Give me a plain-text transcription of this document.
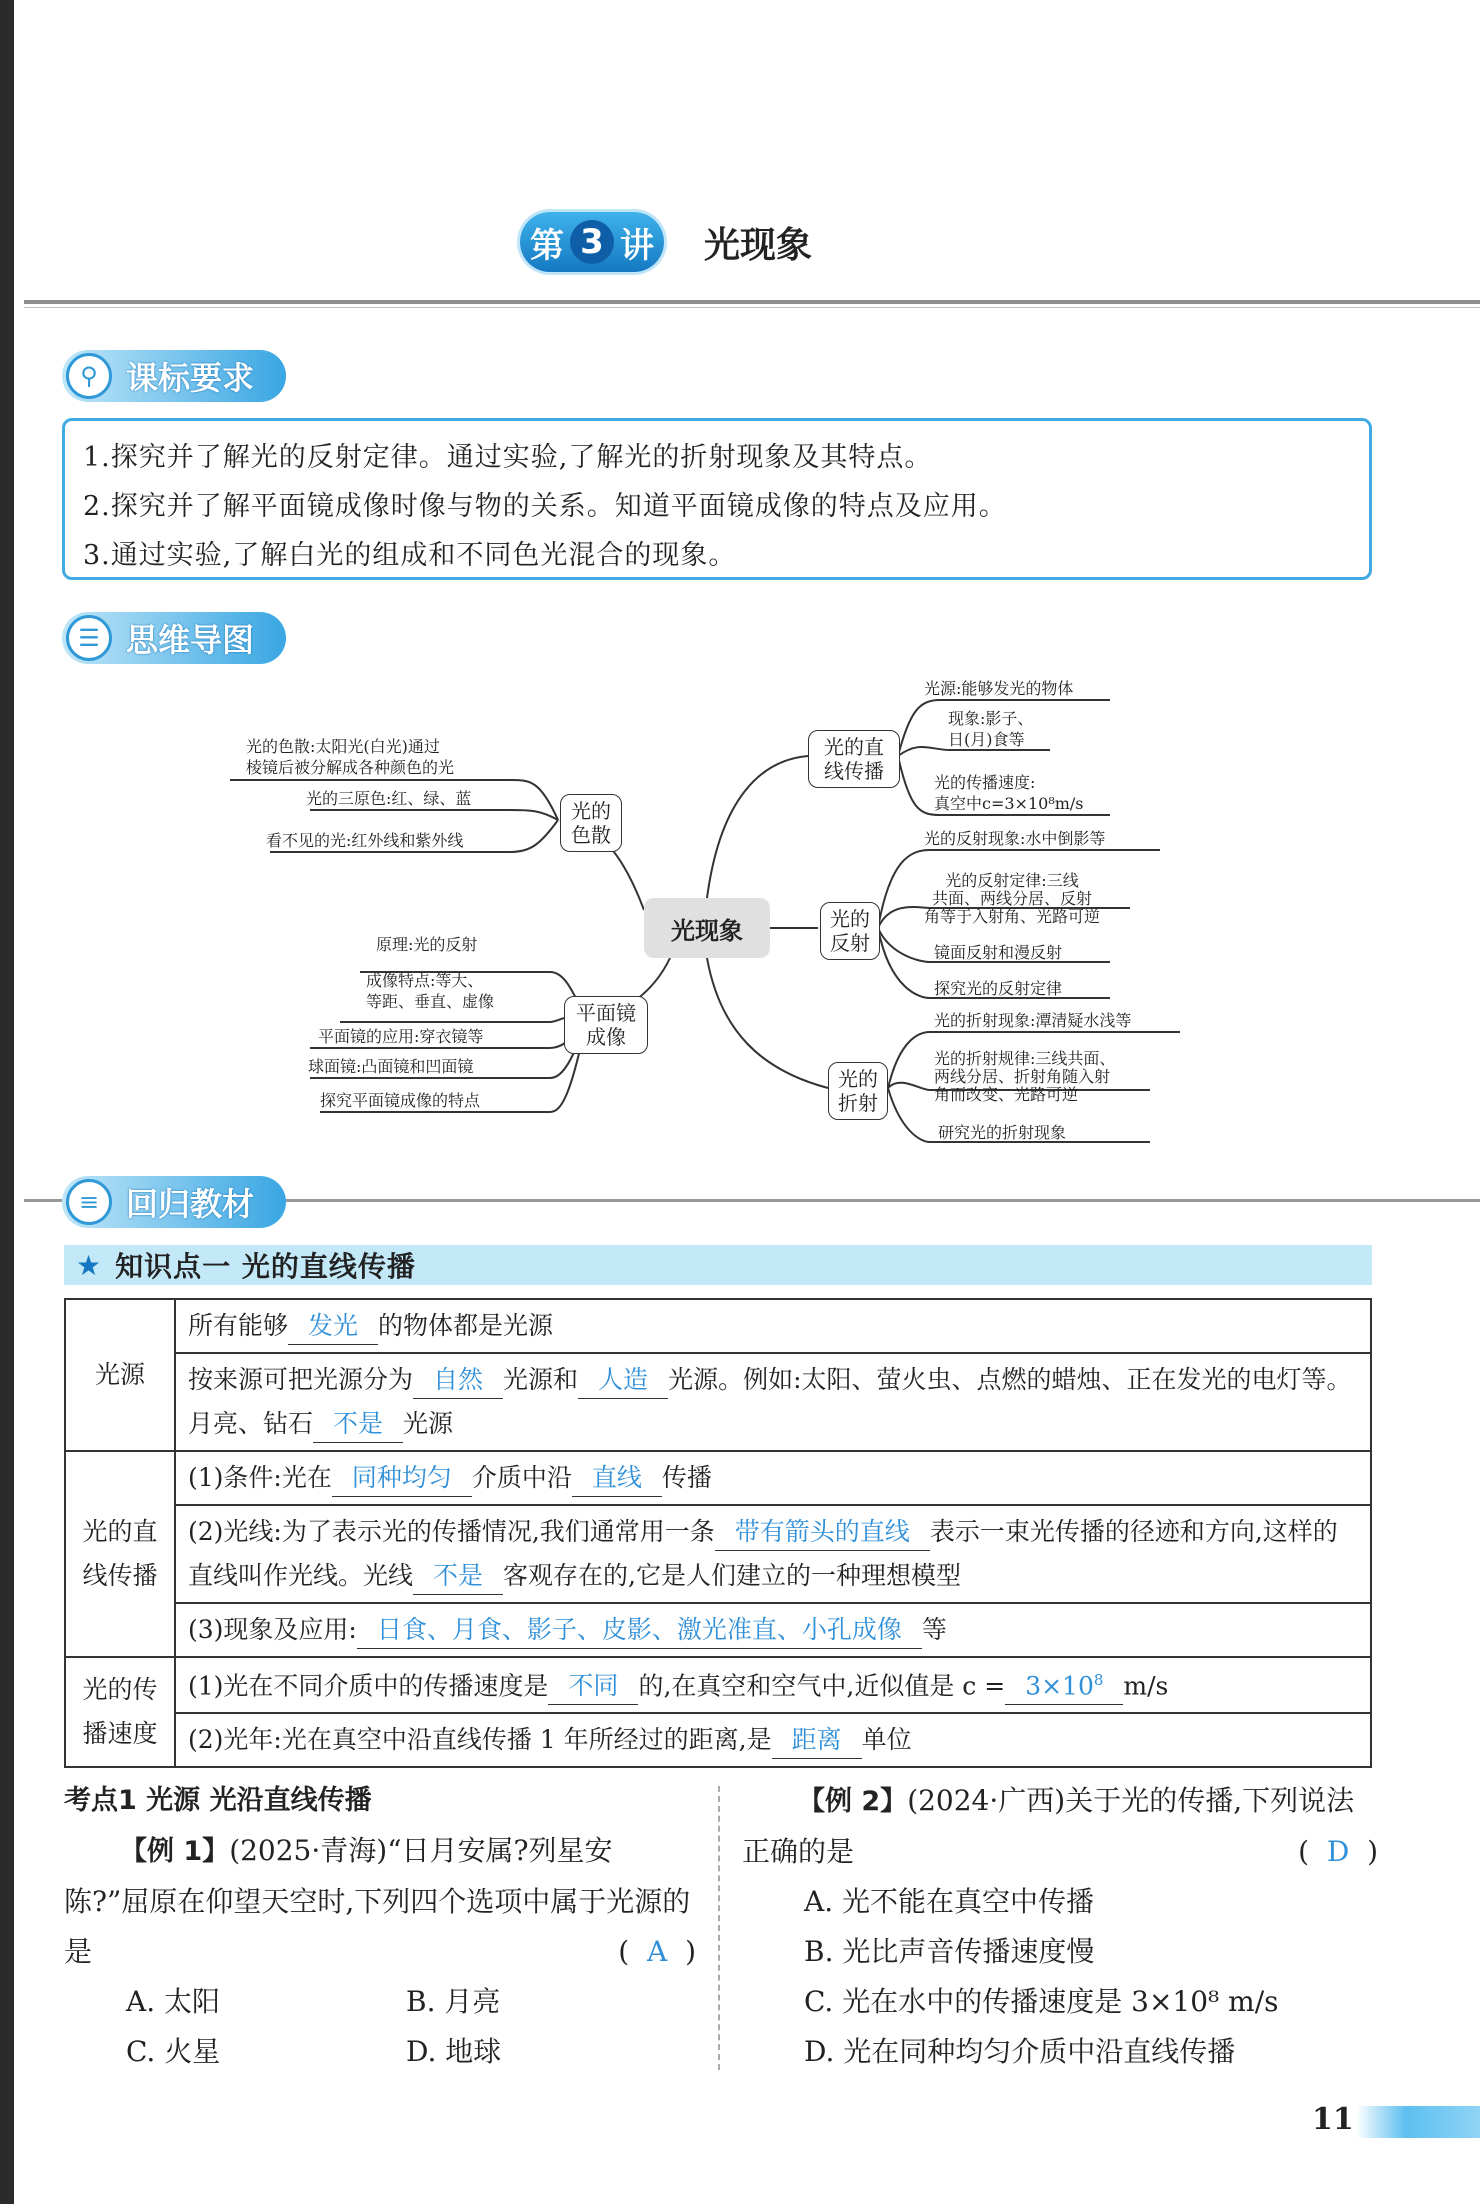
第 3 讲 光现象
⚲ 课标要求

1.探究并了解光的反射定律。通过实验,了解光的折射现象及其特点。

2.探究并了解平面镜成像时像与物的关系。知道平面镜成像的特点及应用。

3.通过实验,了解白光的组成和不同色光混合的现象。

☰ 思维导图
光现象
光的直
线传播
光的
反射
光的
折射
光的
色散
平面镜
成像
光源:能够发光的物体
现象:影子、
日(月)食等
光的传播速度:
真空中c=3×10⁸m/s
光的反射现象:水中倒影等
光的反射定律:三线
共面、两线分居、反射
角等于入射角、光路可逆
镜面反射和漫反射
探究光的反射定律
光的折射现象:潭清疑水浅等
光的折射规律:三线共面、
两线分居、折射角随入射
角而改变、光路可逆
研究光的折射现象
光的色散:太阳光(白光)通过
棱镜后被分解成各种颜色的光
光的三原色:红、绿、蓝
看不见的光:红外线和紫外线
原理:光的反射
成像特点:等大、
等距、垂直、虚像
平面镜的应用:穿衣镜等
球面镜:凸面镜和凹面镜
探究平面镜成像的特点
≡ 回归教材
★ 知识点一 光的直线传播
光源	所有能够 发光 的物体都是光源
	按来源可把光源分为 自然 光源和 人造 光源。例如:太阳、萤火虫、点燃的蜡烛、正在发光的电灯等。月亮、钻石 不是 光源
光的直
线传播	(1)条件:光在 同种均匀 介质中沿 直线 传播
	(2)光线:为了表示光的传播情况,我们通常用一条 带有箭头的直线 表示一束光传播的径迹和方向,这样的直线叫作光线。光线 不是 客观存在的,它是人们建立的一种理想模型
	(3)现象及应用: 日食、月食、影子、皮影、激光准直、小孔成像 等
光的传
播速度	(1)光在不同介质中的传播速度是 不同 的,在真空和空气中,近似值是 $c = 3\times 10^8$ m/s
	(2)光年:光在真空中沿直线传播 1 年所经过的距离,是 距离 单位
考点1 光源 光沿直线传播
【例 1】(2025·青海)“日月安属?列星安陈?”屈原在仰望天空时,下列四个选项中属于光源的是	(  A  )
A. 太阳	B. 月亮
C. 火星	D. 地球
【例 2】(2024·广西)关于光的传播,下列说法正确的是	(  D  )
A. 光不能在真空中传播
B. 光比声音传播速度慢
C. 光在水中的传播速度是 3×10⁸ m/s
D. 光在同种均匀介质中沿直线传播
11
